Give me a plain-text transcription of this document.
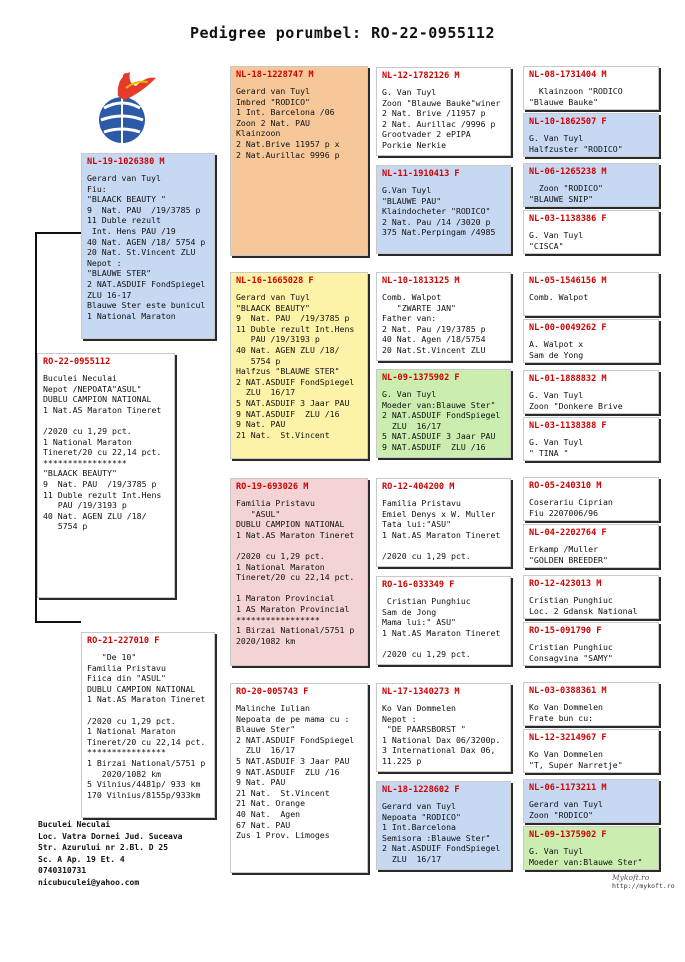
Pedigree porumbel: RO-22-0955112
RO-22-0955112
Buculei Neculai
Nepot /NEPOATA"ASUL"
DUBLU CAMPION NATIONAL
1 Nat.AS Maraton Tineret

/2020 cu 1,29 pct.
1 National Maraton
Tineret/20 cu 22,14 pct.
*****************
"BLAACK BEAUTY"
9  Nat. PAU  /19/3785 p
11 Duble rezult Int.Hens
PAU /19/3193 p
40 Nat. AGEN ZLU /18/
5754 p
NL-19-1026380 M
Gerard van Tuyl
Fiu:
"BLAACK BEAUTY "
9  Nat. PAU  /19/3785 p
11 Duble rezult
Int. Hens PAU /19
40 Nat. AGEN /18/ 5754 p
20 Nat. St.Vincent ZLU
Nepot :
"BLAUWE STER"
2 NAT.ASDUIF FondSpiegel
ZLU 16-17
Blauwe Ster este bunicul
1 National Maraton
RO-21-227010 F
"De 10"
Familia Pristavu
Fiica din "ASUL"
DUBLU CAMPION NATIONAL
1 Nat.AS Maraton Tineret

/2020 cu 1,29 pct.
1 National Maraton
Tineret/20 cu 22,14 pct.
****************
1 Birzai National/5751 p
2020/1082 km
5 Vilnius/4481p/ 933 km
170 Vilnius/8155p/933km
NL-18-1228747 M
Gerard van Tuyl
Imbred "RODICO"
1 Int. Barcelona /06
Zoon 2 Nat. PAU
Klainzoon
2 Nat.Brive 11957 p x
2 Nat.Aurillac 9996 p
NL-16-1665028 F
Gerard van Tuyl
"BLAACK BEAUTY"
9  Nat. PAU  /19/3785 p
11 Duble rezult Int.Hens
PAU /19/3193 p
40 Nat. AGEN ZLU /18/
5754 p
Halfzus "BLAUWE STER"
2 NAT.ASDUIF FondSpiegel
ZLU  16/17
5 NAT.ASDUIF 3 Jaar PAU
9 NAT.ASDUIF  ZLU /16
9 Nat. PAU
21 Nat.  St.Vincent
RO-19-693026 M
Familia Pristavu
"ASUL"
DUBLU CAMPION NATIONAL
1 Nat.AS Maraton Tineret

/2020 cu 1,29 pct.
1 National Maraton
Tineret/20 cu 22,14 pct.

1 Maraton Provincial
1 AS Maraton Provincial
*****************
1 Birzai National/5751 p
2020/1082 km
RO-20-005743 F
Malinche Iulian
Nepoata de pe mama cu :
Blauwe Ster"
2 NAT.ASDUIF FondSpiegel
ZLU  16/17
5 NAT.ASDUIF 3 Jaar PAU
9 NAT.ASDUIF  ZLU /16
9 Nat. PAU
21 Nat.  St.Vincent
21 Nat. Orange
40 Nat.  Agen
67 Nat. PAU
Zus 1 Prov. Limoges
NL-12-1782126 M
G. Van Tuyl
Zoon "Blauwe Bauke"winer
2 Nat. Brive /11957 p
2 Nat. Aurillac /9996 p
Grootvader 2 ePIPA
Porkie Nerkie
NL-11-1910413 F
G.Van Tuyl
"BLAUWE PAU"
Klaindocheter "RODICO"
2 Nat. Pau /14 /3020 p
375 Nat.Perpingam /4985
NL-10-1813125 M
Comb. Walpot
"ZWARTE JAN"
Father van:
2 Nat. Pau /19/3785 p
40 Nat. Agen /18/5754
20 Nat.St.Vincent ZLU
NL-09-1375902 F
G. Van Tuyl
Moeder van:Blauwe Ster"
2 NAT.ASDUIF FondSpiegel
ZLU  16/17
5 NAT.ASDUIF 3 Jaar PAU
9 NAT.ASDUIF  ZLU /16
RO-12-404200 M
Familia Pristavu
Emiel Denys x W. Muller
Tata lui:"ASU"
1 Nat.AS Maraton Tineret

/2020 cu 1,29 pct.
RO-16-033349 F
Cristian Punghiuc
Sam de Jong
Mama lui:" ASU"
1 Nat.AS Maraton Tineret

/2020 cu 1,29 pct.
NL-17-1340273 M
Ko Van Dommelen
Nepot :
"DE PAARSBORST "
1 National Dax 06/3200p.
3 International Dax 06,
11.225 p
NL-18-1228602 F
Gerard van Tuyl
Nepoata "RODICO"
1 Int.Barcelona
Semisora :Blauwe Ster"
2 Nat.ASDUIF FondSpiegel
ZLU  16/17
NL-08-1731404 M
Klainzoon "RODICO
"Blauwe Bauke"
NL-10-1862507 F
G. Van Tuyl
Halfzuster "RODICO"
NL-06-1265238 M
Zoon "RODICO"
"BLAUWE SNIP"
NL-03-1138386 F
G. Van Tuyl
"CISCA"
NL-05-1546156 M
Comb. Walpot
NL-00-0049262 F
A. Walpot x
Sam de Yong
NL-01-1888832 M
G. Van Tuyl
Zoon "Donkere Brive
NL-03-1138388 F
G. Van Tuyl
" TINA "
RO-05-240310 M
Coserariu Ciprian
Fiu 2207006/96
NL-04-2202764 F
Erkamp /Muller
"GOLDEN BREEDER"
RO-12-423013 M
Cristian Punghiuc
Loc. 2 Gdansk National
RO-15-091790 F
Cristian Punghiuc
Consagvina "SAMY"
NL-03-0388361 M
Ko Van Dommelen
Frate bun cu:
NL-12-3214967 F
Ko Van Dommelen
"T, Super Narretje"
NL-06-1173211 M
Gerard van Tuyl
Zoon "RODICO"
NL-09-1375902 F
G. Van Tuyl
Moeder van:Blauwe Ster"
Buculei Neculai
Loc. Vatra Dornei Jud. Suceava
Str. Azurului nr 2.Bl. D 25
Sc. A Ap. 19 Et. 4
0740310731
nicubuculei@yahoo.com
Mykoft.ro
http://mykoft.ro
